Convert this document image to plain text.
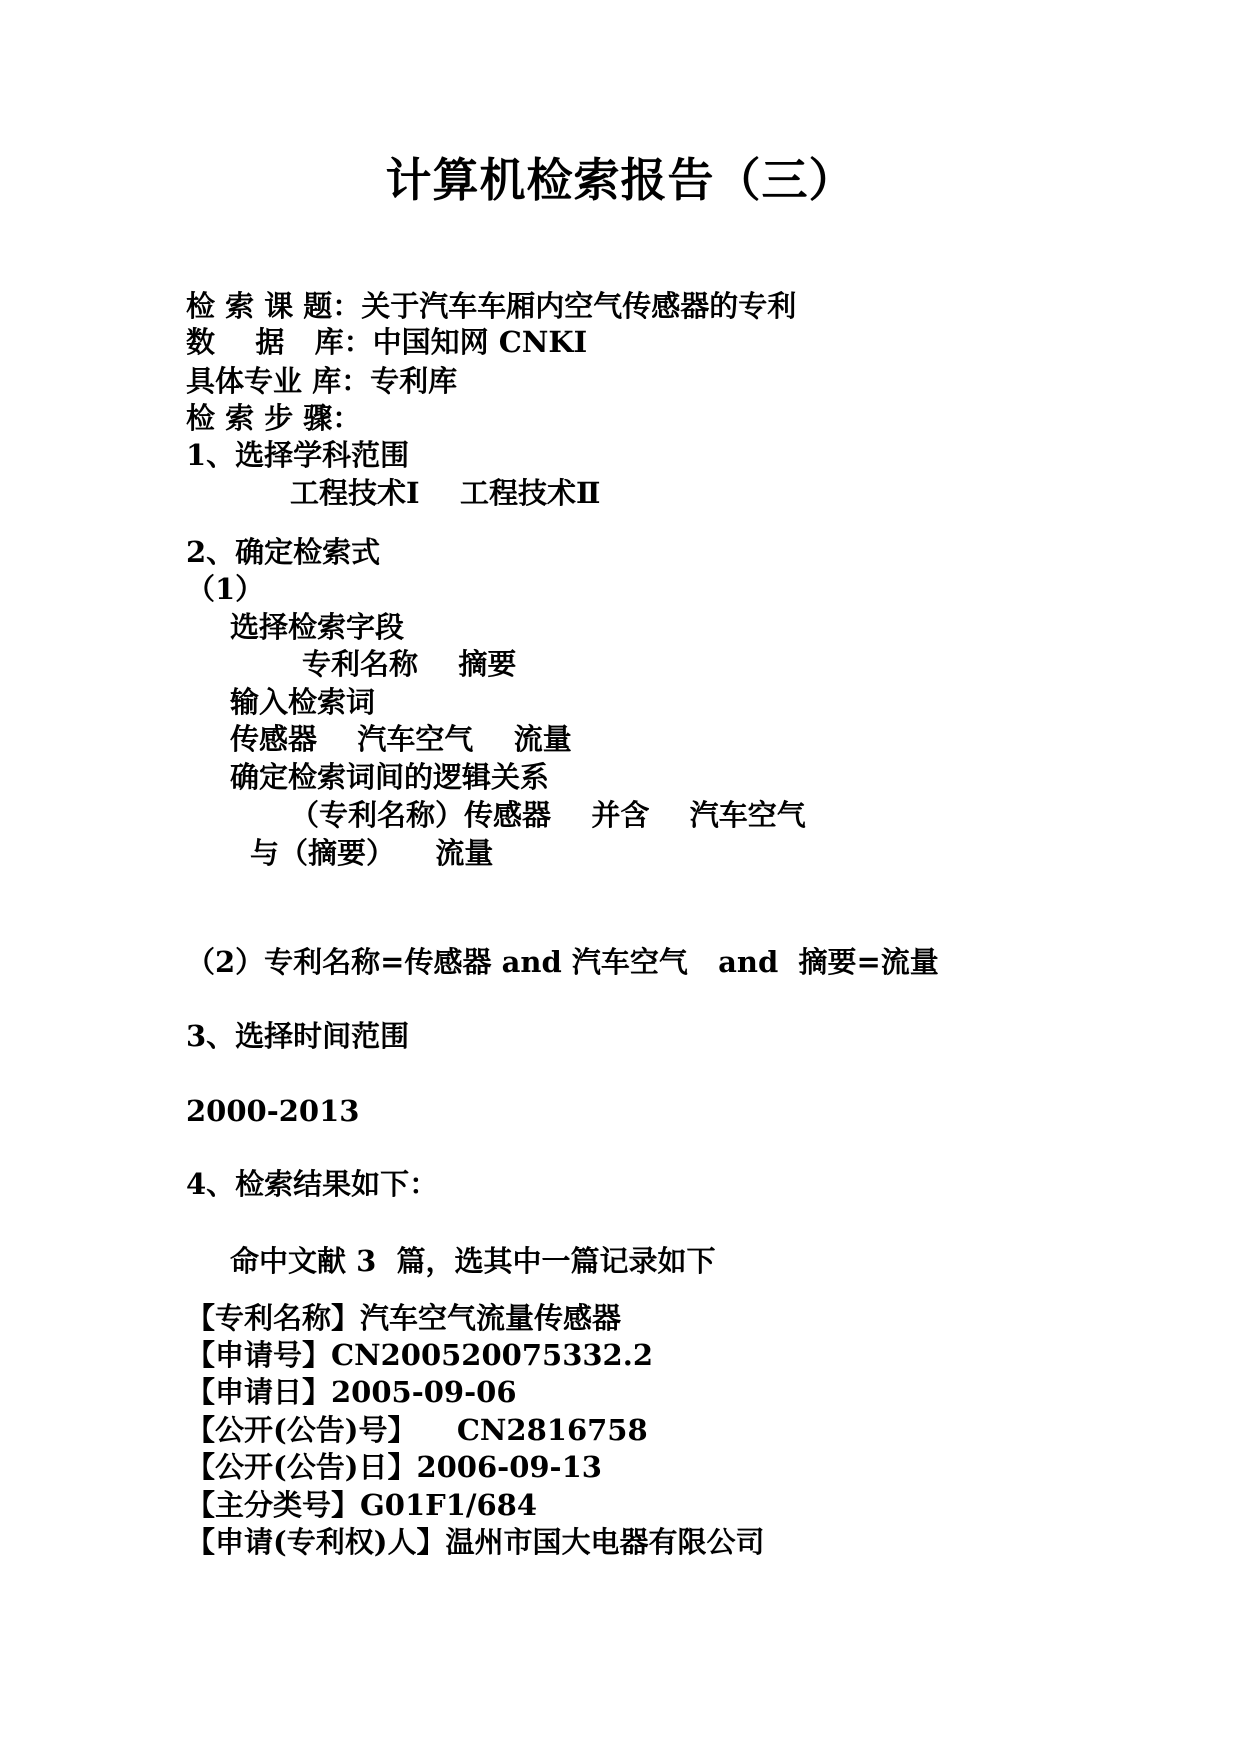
计算机检索报告（三）
检 索 课 题：关于汽车车厢内空气传感器的专利
数    据   库：中国知网 CNKI
具体专业 库：专利库
检 索 步 骤：
1、选择学科范围
工程技术Ⅰ    工程技术Ⅱ
2、确定检索式
（1）
选择检索字段
专利名称    摘要
输入检索词
传感器    汽车空气    流量
确定检索词间的逻辑关系
（专利名称）传感器    并含    汽车空气
与（摘要）    流量
（2）专利名称=传感器 and 汽车空气   and  摘要=流量
3、选择时间范围
2000-2013
4、检索结果如下：
命中文献 3  篇，选其中一篇记录如下
【专利名称】汽车空气流量传感器
【申请号】CN200520075332.2
【申请日】2005-09-06
【公开(公告)号】    CN2816758
【公开(公告)日】2006-09-13
【主分类号】G01F1/684
【申请(专利权)人】温州市国大电器有限公司
